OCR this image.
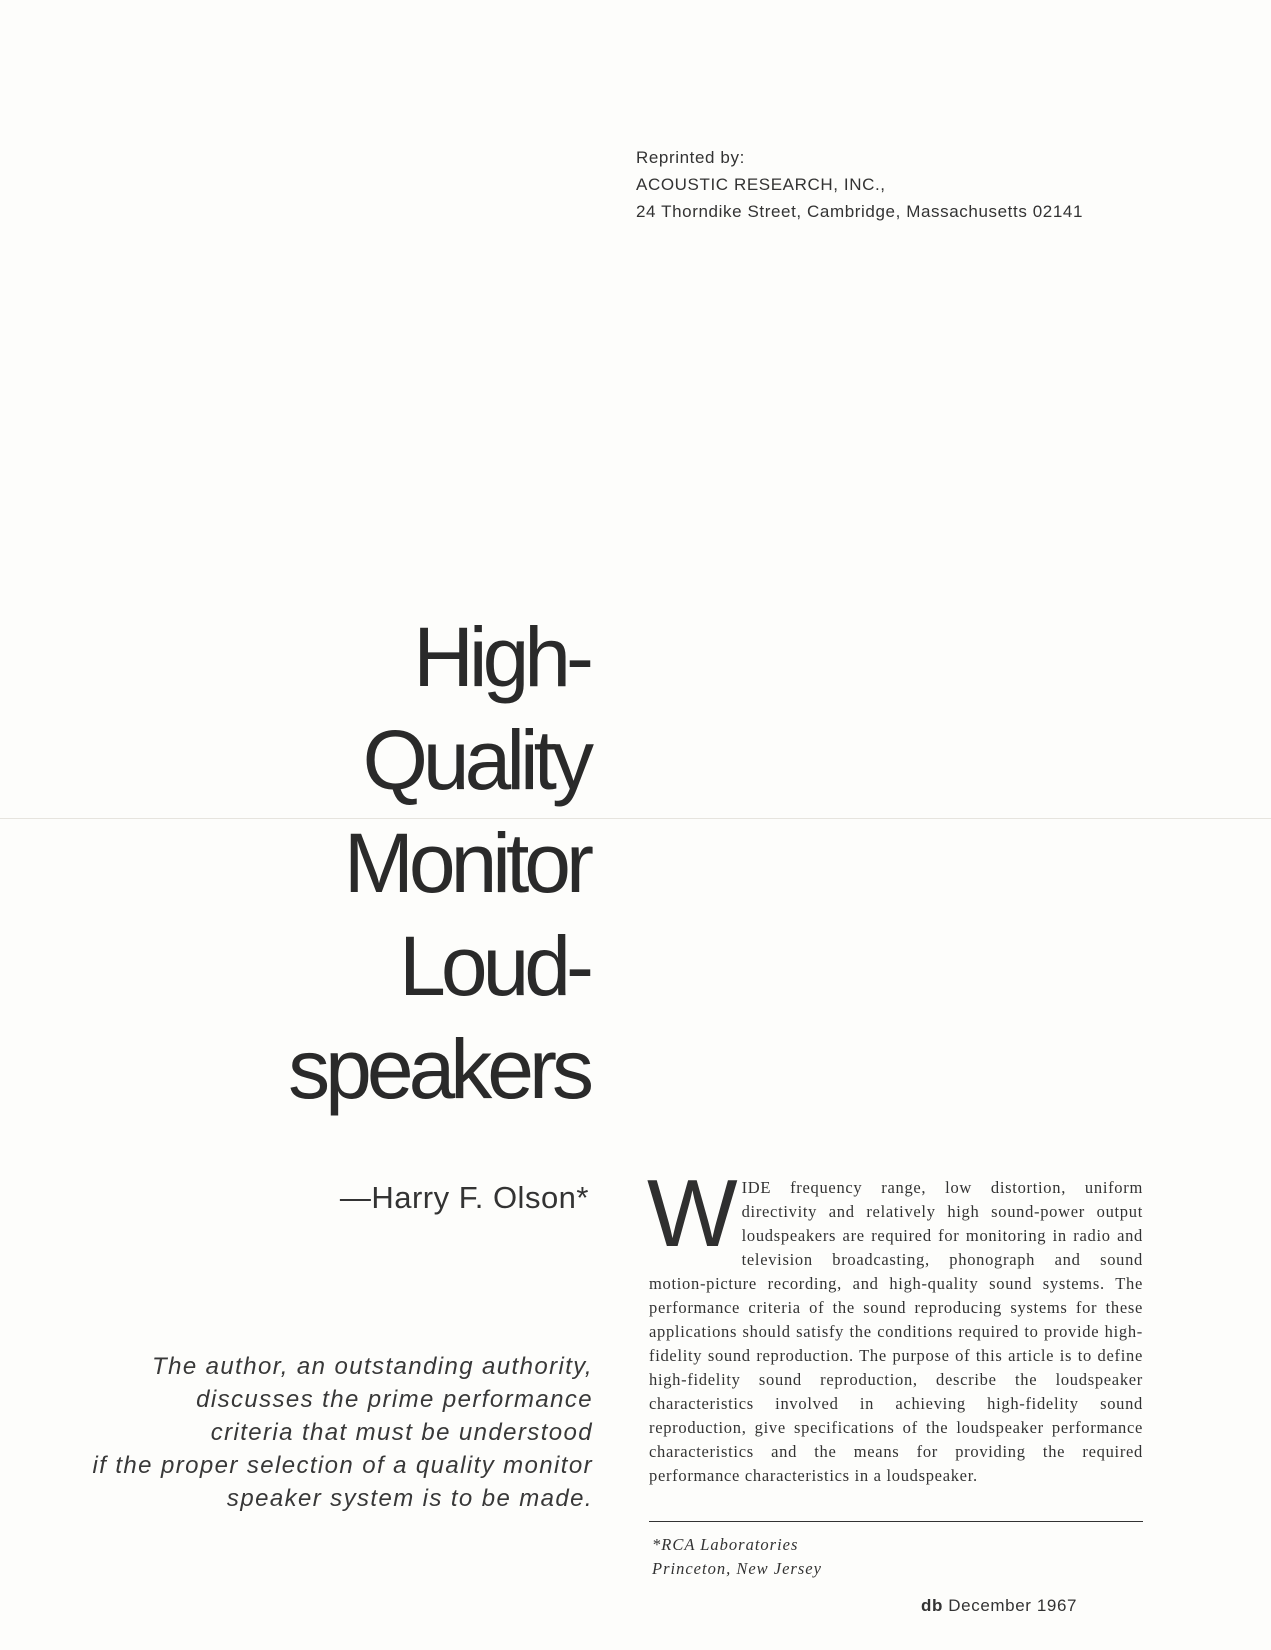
Reprinted by:
ACOUSTIC RESEARCH, INC.,
24 Thorndike Street, Cambridge, Massachusetts 02141
High-
Quality
Monitor
Loud-
speakers
—Harry F. Olson*
The author, an outstanding authority,
discusses the prime performance
criteria that must be understood
if the proper selection of a quality monitor
speaker system is to be made.
WIDE frequency range, low distortion, uniform directivity and relatively high sound-power output loudspeakers are required for monitoring in radio and television broadcasting, phonograph and sound motion-picture recording, and high-quality sound systems. The performance criteria of the sound reproducing systems for these applications should satisfy the conditions required to provide high-fidelity sound reproduction. The purpose of this article is to define high-fidelity sound reproduction, describe the loudspeaker characteristics involved in achieving high-fidelity sound reproduction, give specifications of the loudspeaker performance characteristics and the means for providing the required performance characteristics in a loudspeaker.
*RCA Laboratories
Princeton, New Jersey
db December 1967
